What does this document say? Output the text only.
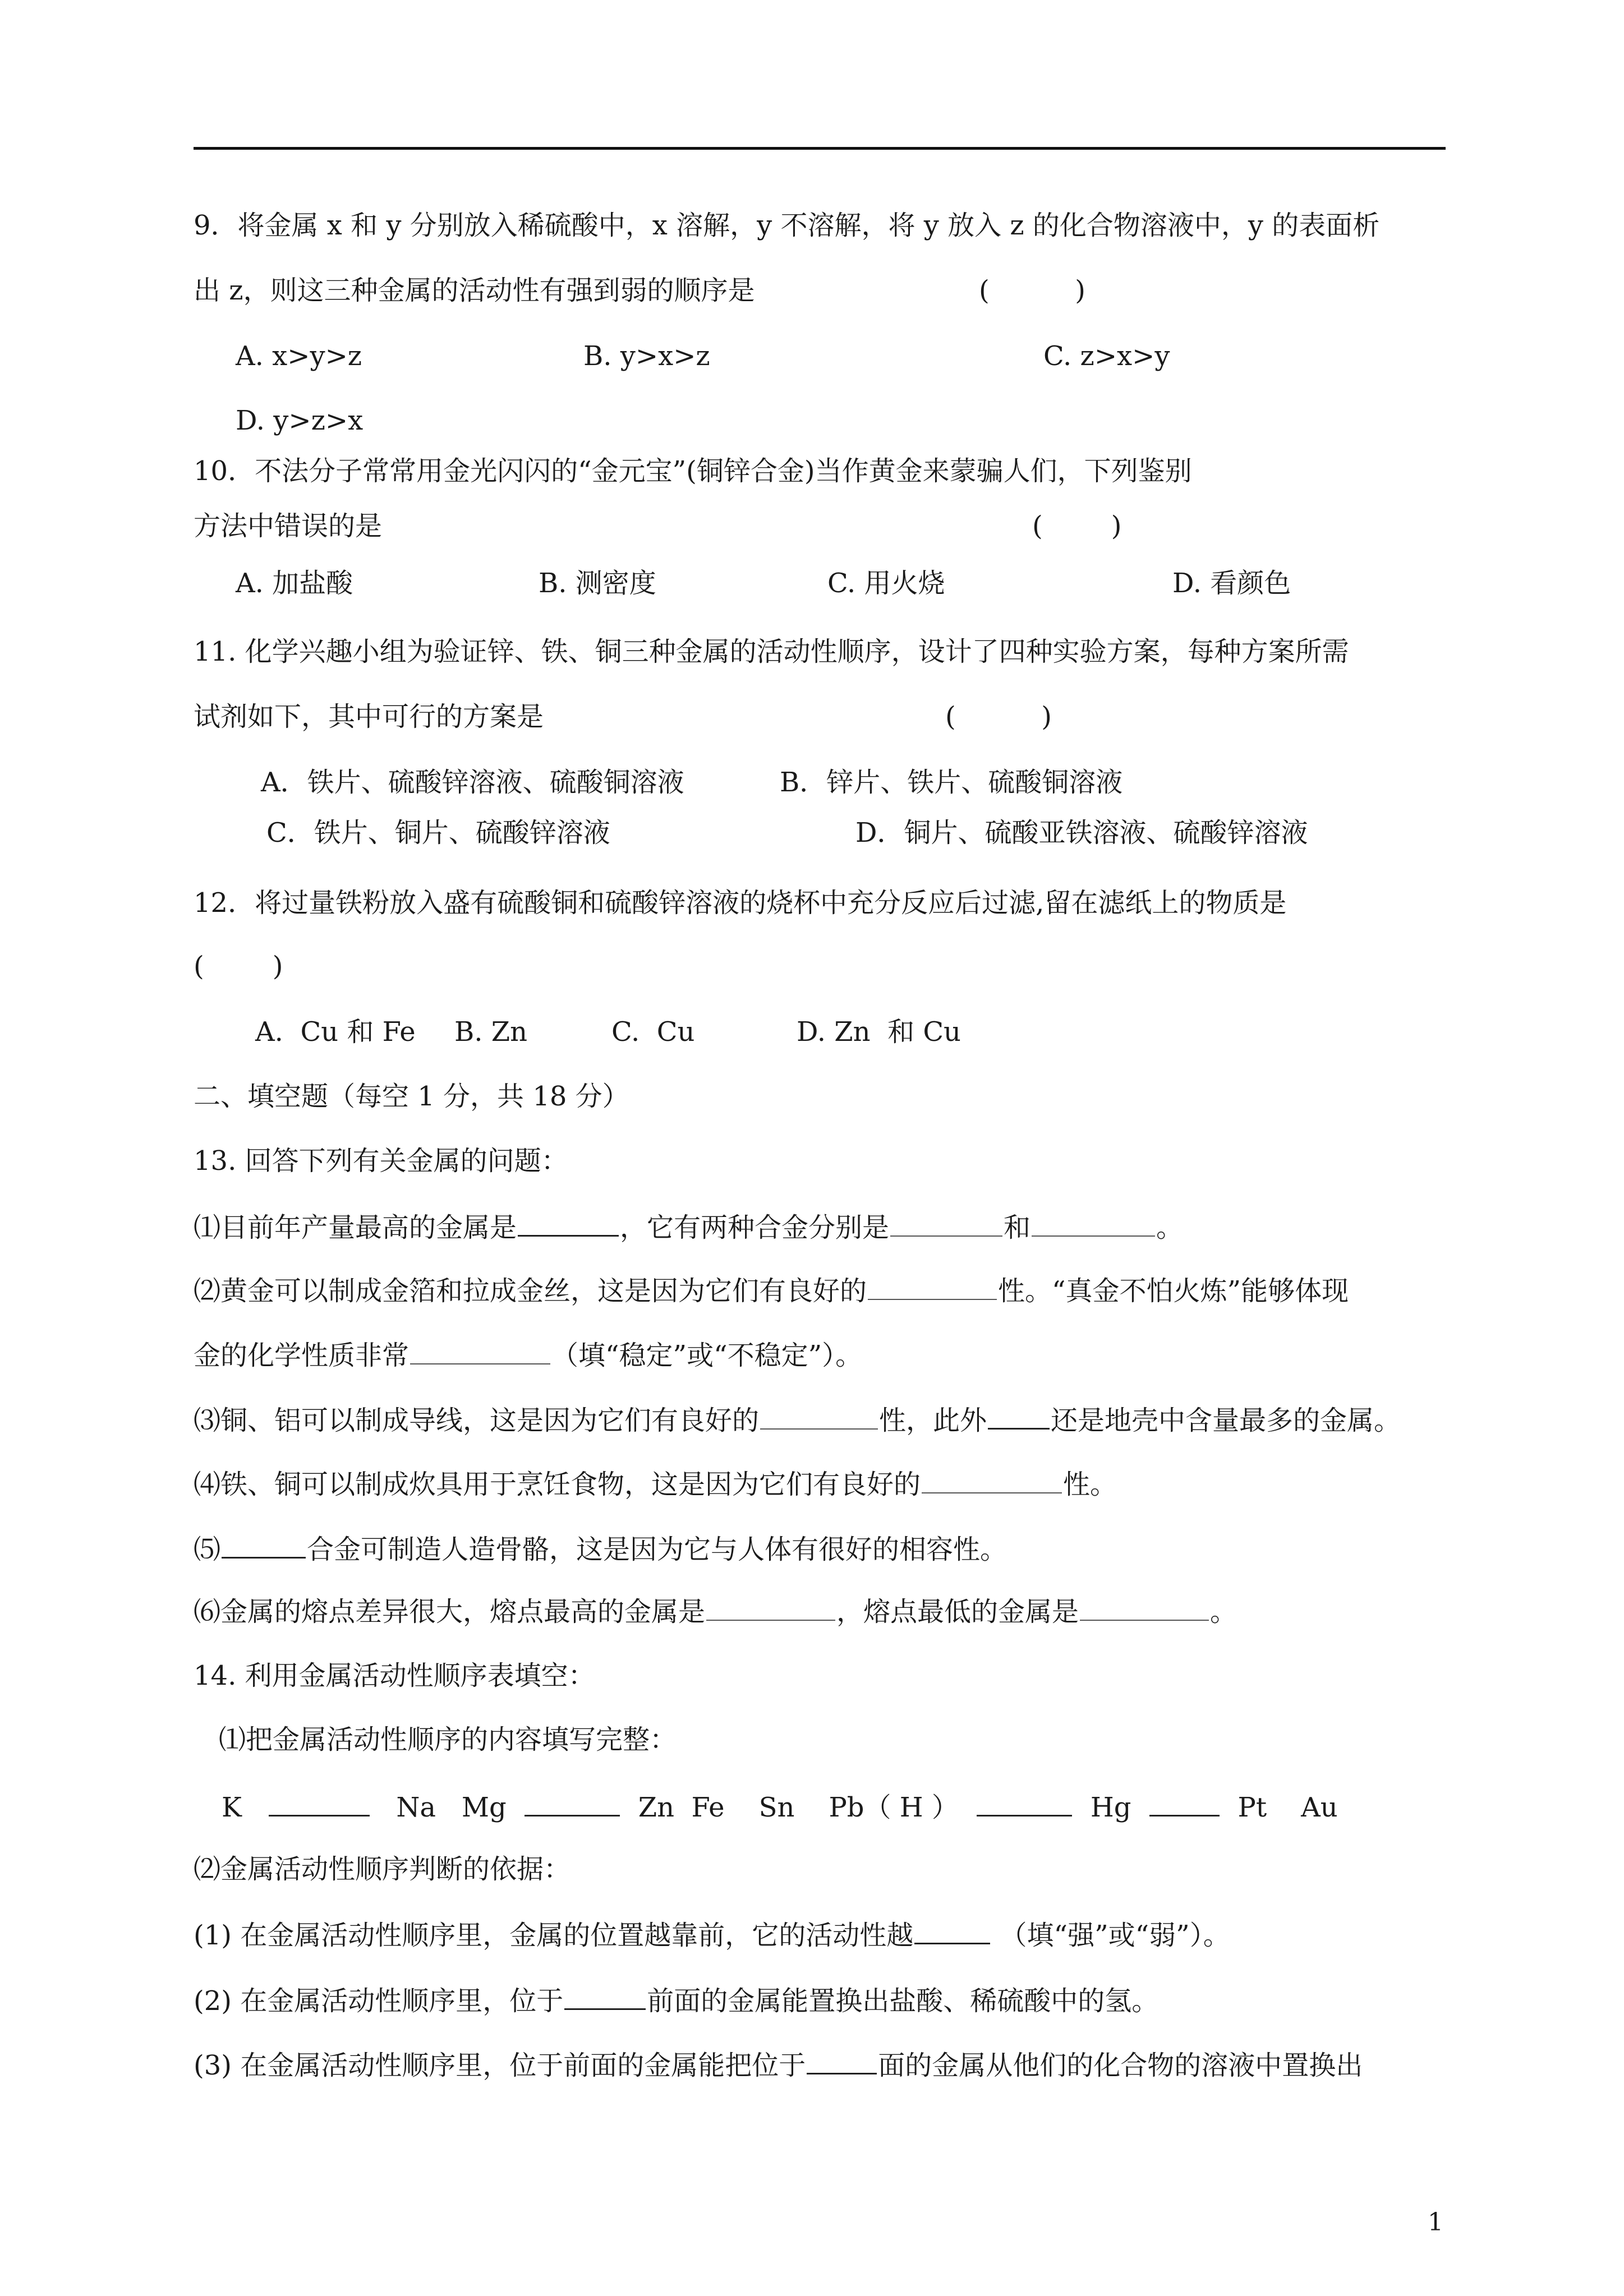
9．将金属 x 和 y 分别放入稀硫酸中，x 溶解，y 不溶解，将 y 放入 z 的化合物溶液中，y 的表面析
出 z，则这三种金属的活动性有强到弱的顺序是	(          )
A. x>y>z	B. y>x>z	C. z>x>y
D. y>z>x
10．不法分子常常用金光闪闪的“金元宝”(铜锌合金)当作黄金来蒙骗人们，下列鉴别
方法中错误的是	(        )
A. 加盐酸	B. 测密度	C. 用火烧	D. 看颜色
11. 化学兴趣小组为验证锌、铁、铜三种金属的活动性顺序，设计了四种实验方案，每种方案所需
试剂如下，其中可行的方案是	(          )
A．铁片、硫酸锌溶液、硫酸铜溶液	B．锌片、铁片、硫酸铜溶液
C．铁片、铜片、硫酸锌溶液	D．铜片、硫酸亚铁溶液、硫酸锌溶液
12．将过量铁粉放入盛有硫酸铜和硫酸锌溶液的烧杯中充分反应后过滤,留在滤纸上的物质是
(        )
A.  Cu 和 Fe B. Zn	C.  Cu	D. Zn  和 Cu
二、填空题（每空 1 分，共 18 分）
13. 回答下列有关金属的问题：
⑴目前年产量最高的金属是	，它有两种合金分别是	和	。
⑵黄金可以制成金箔和拉成金丝，这是因为它们有良好的	性。“真金不怕火炼”能够体现
金的化学性质非常	（填“稳定”或“不稳定”）。
⑶铜、铝可以制成导线，这是因为它们有良好的	性，此外 还是地壳中含量最多的金属。
⑷铁、铜可以制成炊具用于烹饪食物，这是因为它们有良好的	性。
⑸	合金可制造人造骨骼，这是因为它与人体有很好的相容性。
⑹金属的熔点差异很大，熔点最高的金属是	，熔点最低的金属是	。
14. 利用金属活动性顺序表填空：
⑴把金属活动性顺序的内容填写完整：
K	Na   Mg	Zn  Fe    Sn    Pb（ H ）	Hg	Pt    Au
⑵金属活动性顺序判断的依据：
(1) 在金属活动性顺序里，金属的位置越靠前，它的活动性越	（填“强”或“弱”）。
(2) 在金属活动性顺序里，位于	前面的金属能置换出盐酸、稀硫酸中的氢。
(3) 在金属活动性顺序里，位于前面的金属能把位于	面的金属从他们的化合物的溶液中置换出
1
